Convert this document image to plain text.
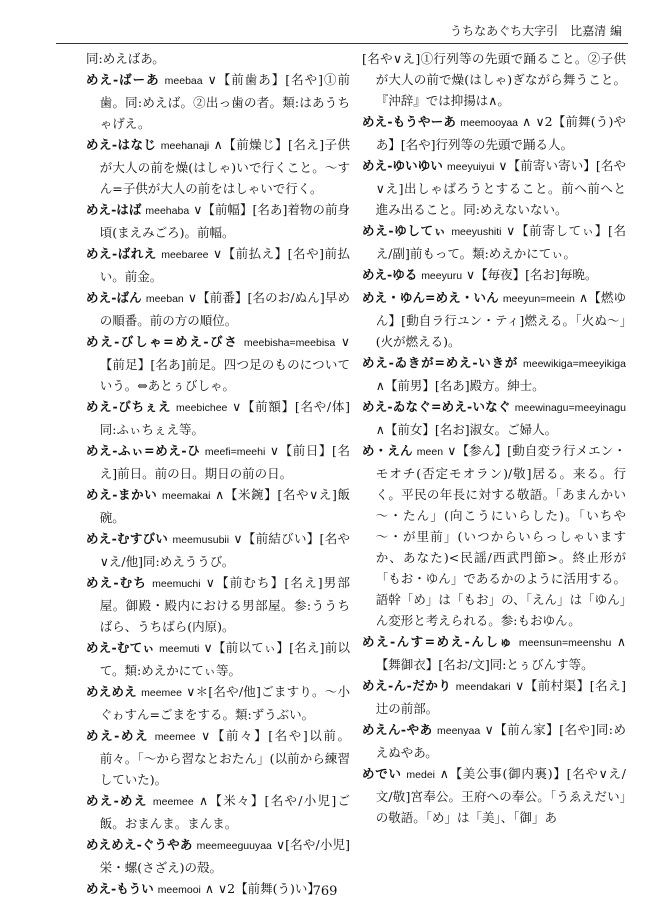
うちなあぐち大字引　比嘉清 編
同:めえばあ。
めえ-ばーあ meebaa ∨【前歯あ】[名や]①前歯。同:めえば。②出っ歯の者。類:はあうちゃげえ。
めえ-はなじ meehanaji ∧【前燥じ】[名え]子供が大人の前を燥(はしゃ)いで行くこと。～すん=子供が大人の前をはしゃいで行く。
めえ-はば meehaba ∨【前幅】[名あ]着物の前身頃(まえみごろ)。前幅。
めえ-ばれえ meebaree ∨【前払え】[名や]前払い。前金。
めえ-ばん meeban ∨【前番】[名のお/ぬん]早めの順番。前の方の順位。
めえ-びしゃ=めえ-びさ meebisha=meebisa ∨【前足】[名あ]前足。四つ足のものについていう。⇔あとぅびしゃ。
めえ-びちぇえ meebichee ∨【前額】[名や/体]同:ふぃちぇえ等。
めえ-ふぃ=めえ-ひ meefi=meehi ∨【前日】[名え]前日。前の日。期日の前の日。
めえ-まかい meemakai ∧【米鋺】[名や∨え]飯碗。
めえ-むすびい meemusubii ∨【前結びい】[名や∨え/他]同:めえううび。
めえ-むち meemuchi ∨【前むち】[名え]男部屋。御殿・殿内における男部屋。参:ううちばら、うちばら(内原)。
めえ-むてぃ meemuti ∨【前以てぃ】[名え]前以て。類:めえかにてぃ等。
めえめえ meemee ∨＊[名や/他]ごますり。～小ぐゎすん=ごまをする。類:ずうぶい。
めえ-めえ meemee ∨【前々】[名や]以前。前々。「～から習なとおたん」(以前から練習していた)。
めえ-めえ meemee ∧【米々】[名や/小児]ご飯。おまんま。まんま。
めえめえ-ぐうやあ meemeeguuyaa ∨[名や/小児]栄・螺(さざえ)の殻。
めえ-もうい meemooi ∧ ∨2【前舞(う)い】
[名や∨え]①行列等の先頭で踊ること。②子供が大人の前で燥(はしゃ)ぎながら舞うこと。『沖辞』では抑揚は∧。
めえ-もうやーあ meemooyaa ∧ ∨2【前舞(う)やあ】[名や]行列等の先頭で踊る人。
めえ-ゆいゆい meeyuiyui ∨【前寄い寄い】[名や∨え]出しゃばろうとすること。前へ前へと進み出ること。同:めえないない。
めえ-ゆしてぃ meeyushiti ∨【前寄してぃ】[名え/副]前もって。類:めえかにてぃ。
めえ-ゆる meeyuru ∨【毎夜】[名お]毎晩。
めえ・ゆん=めえ・いん meeyun=meein ∧【燃ゆん】[動自ラ行ユン・ティ]燃える。「火ぬ～」(火が燃える)。
めえ-ゐきが=めえ-いきが meewikiga=meeyikiga ∧【前男】[名あ]殿方。紳士。
めえ-ゐなぐ=めえ-いなぐ meewinagu=meeyinagu ∧【前女】[名お]淑女。ご婦人。
め・えん meen ∨【参ん】[動自変ラ行メエン・モオチ(否定モオラン)/敬]居る。来る。行く。平民の年長に対する敬語。「あまんかい～・たん」(向こうにいらした)。「いちや～・が里前」(いつからいらっしゃいますか、あなた)<民謡/西武門節>。終止形が「もお・ゆん」であるかのように活用する。語幹「め」は「もお」の、「えん」は「ゆん」ん変形と考えられる。参:もおゆん。
めえ-んす=めえ-んしゅ meensun=meenshu ∧【舞御衣】[名お/文]同:とぅびんす等。
めえ-ん-だかり meendakari ∨【前村渠】[名え]辻の前部。
めえん-やあ meenyaa ∨【前ん家】[名や]同:めえぬやあ。
めでい medei ∧【美公事(御内裏)】[名や∨え/文/敬]宮奉公。王府への奉公。「うゑえだい」の敬語。「め」は「美」、「御」あ
769
